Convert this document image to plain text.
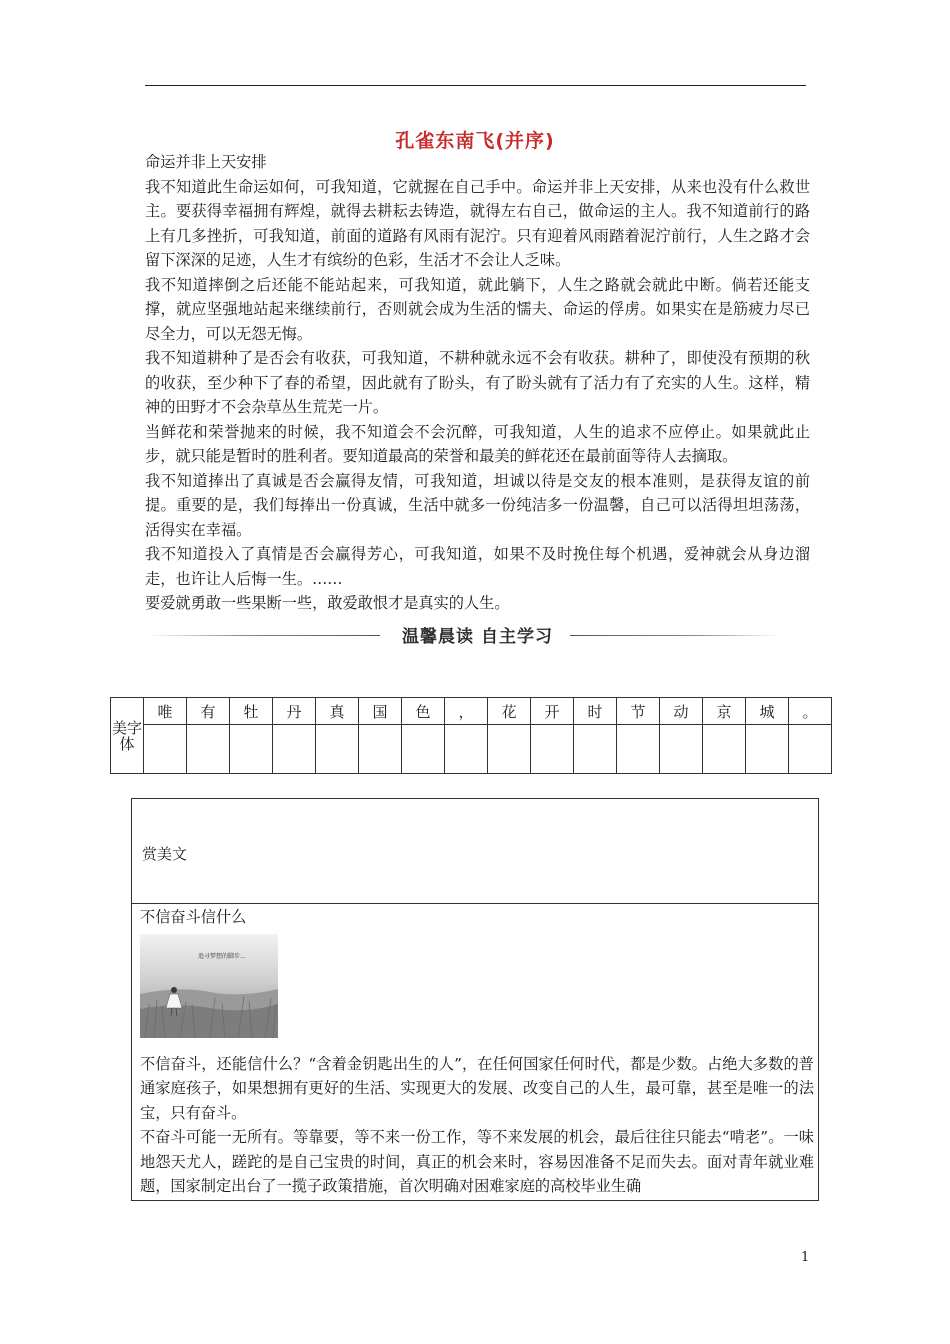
孔雀东南飞(并序)

命运并非上天安排

我不知道此生命运如何，可我知道，它就握在自己手中。命运并非上天安排，从来也没有什么救世主。要获得幸福拥有辉煌，就得去耕耘去铸造，就得左右自己，做命运的主人。我不知道前行的路上有几多挫折，可我知道，前面的道路有风雨有泥泞。只有迎着风雨踏着泥泞前行，人生之路才会留下深深的足迹，人生才有缤纷的色彩，生活才不会让人乏味。

我不知道摔倒之后还能不能站起来，可我知道，就此躺下，人生之路就会就此中断。倘若还能支撑，就应坚强地站起来继续前行，否则就会成为生活的懦夫、命运的俘虏。如果实在是筋疲力尽已尽全力，可以无怨无悔。

我不知道耕种了是否会有收获，可我知道，不耕种就永远不会有收获。耕种了，即使没有预期的秋的收获，至少种下了春的希望，因此就有了盼头，有了盼头就有了活力有了充实的人生。这样，精神的田野才不会杂草丛生荒芜一片。

当鲜花和荣誉抛来的时候，我不知道会不会沉醉，可我知道，人生的追求不应停止。如果就此止步，就只能是暂时的胜利者。要知道最高的荣誉和最美的鲜花还在最前面等待人去摘取。

我不知道捧出了真诚是否会赢得友情，可我知道，坦诚以待是交友的根本准则，是获得友谊的前提。重要的是，我们每捧出一份真诚，生活中就多一份纯洁多一份温馨，自己可以活得坦坦荡荡，活得实在幸福。

我不知道投入了真情是否会赢得芳心，可我知道，如果不及时挽住每个机遇，爱神就会从身边溜走，也许让人后悔一生。……

要爱就勇敢一些果断一些，敢爱敢恨才是真实的人生。

温馨晨读 自主学习
美字体	唯	有	牡	丹	真	国	色	，	花	开	时	节	动	京	城	。

赏美文

不信奋斗信什么

追寻梦想的脚步...

不信奋斗，还能信什么？“含着金钥匙出生的人”，在任何国家任何时代，都是少数。占绝大多数的普通家庭孩子，如果想拥有更好的生活、实现更大的发展、改变自己的人生，最可靠，甚至是唯一的法宝，只有奋斗。

不奋斗可能一无所有。等靠要，等不来一份工作，等不来发展的机会，最后往往只能去“啃老”。一味地怨天尤人，蹉跎的是自己宝贵的时间，真正的机会来时，容易因准备不足而失去。面对青年就业难题，国家制定出台了一揽子政策措施，首次明确对困难家庭的高校毕业生确

1
